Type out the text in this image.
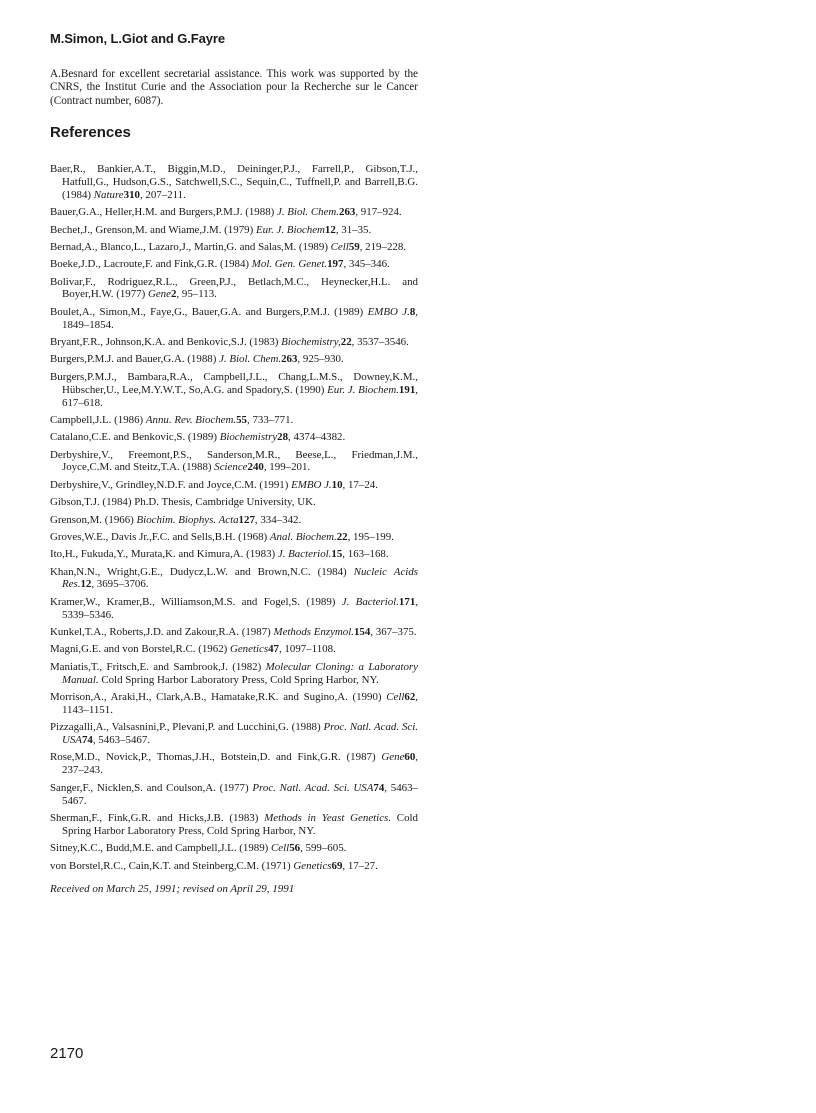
M.Simon, L.Giot and G.Fayre
A.Besnard for excellent secretarial assistance. This work was supported by the CNRS, the Institut Curie and the Association pour la Recherche sur le Cancer (Contract number, 6087).
References
Baer,R., Bankier,A.T., Biggin,M.D., Deininger,P.J., Farrell,P., Gibson,T.J., Hatfull,G., Hudson,G.S., Satchwell,S.C., Sequin,C., Tuffnell,P. and Barrell,B.G. (1984) Nature310, 207–211.
Bauer,G.A., Heller,H.M. and Burgers,P.M.J. (1988) J. Biol. Chem.263, 917–924.
Bechet,J., Grenson,M. and Wiame,J.M. (1979) Eur. J. Biochem12, 31–35.
Bernad,A., Blanco,L., Lazaro,J., Martin,G. and Salas,M. (1989) Cell59, 219–228.
Boeke,J.D., Lacroute,F. and Fink,G.R. (1984) Mol. Gen. Genet.197, 345–346.
Bolivar,F., Rodriguez,R.L., Green,P.J., Betlach,M.C., Heynecker,H.L. and Boyer,H.W. (1977) Gene2, 95–113.
Boulet,A., Simon,M., Faye,G., Bauer,G.A. and Burgers,P.M.J. (1989) EMBO J.8, 1849–1854.
Bryant,F.R., Johnson,K.A. and Benkovic,S.J. (1983) Biochemistry,22, 3537–3546.
Burgers,P.M.J. and Bauer,G.A. (1988) J. Biol. Chem.263, 925–930.
Burgers,P.M.J., Bambara,R.A., Campbell,J.L., Chang,L.M.S., Downey,K.M., Hübscher,U., Lee,M.Y.W.T., So,A.G. and Spadory,S. (1990) Eur. J. Biochem.191, 617–618.
Campbell,J.L. (1986) Annu. Rev. Biochem.55, 733–771.
Catalano,C.E. and Benkovic,S. (1989) Biochemistry28, 4374–4382.
Derbyshire,V., Freemont,P.S., Sanderson,M.R., Beese,L., Friedman,J.M., Joyce,C.M. and Steitz,T.A. (1988) Science240, 199–201.
Derbyshire,V., Grindley,N.D.F. and Joyce,C.M. (1991) EMBO J.10, 17–24.
Gibson,T.J. (1984) Ph.D. Thesis, Cambridge University, UK.
Grenson,M. (1966) Biochim. Biophys. Acta127, 334–342.
Groves,W.E., Davis Jr.,F.C. and Sells,B.H. (1968) Anal. Biochem.22, 195–199.
Ito,H., Fukuda,Y., Murata,K. and Kimura,A. (1983) J. Bacteriol.15, 163–168.
Khan,N.N., Wright,G.E., Dudycz,L.W. and Brown,N.C. (1984) Nucleic Acids Res.12, 3695–3706.
Kramer,W., Kramer,B., Williamson,M.S. and Fogel,S. (1989) J. Bacteriol.171, 5339–5346.
Kunkel,T.A., Roberts,J.D. and Zakour,R.A. (1987) Methods Enzymol.154, 367–375.
Magni,G.E. and von Borstel,R.C. (1962) Genetics47, 1097–1108.
Maniatis,T., Fritsch,E. and Sambrook,J. (1982) Molecular Cloning: a Laboratory Manual. Cold Spring Harbor Laboratory Press, Cold Spring Harbor, NY.
Morrison,A., Araki,H., Clark,A.B., Hamatake,R.K. and Sugino,A. (1990) Cell62, 1143–1151.
Pizzagalli,A., Valsasnini,P., Plevani,P. and Lucchini,G. (1988) Proc. Natl. Acad. Sci. USA74, 5463–5467.
Rose,M.D., Novick,P., Thomas,J.H., Botstein,D. and Fink,G.R. (1987) Gene60, 237–243.
Sanger,F., Nicklen,S. and Coulson,A. (1977) Proc. Natl. Acad. Sci. USA74, 5463–5467.
Sherman,F., Fink,G.R. and Hicks,J.B. (1983) Methods in Yeast Genetics. Cold Spring Harbor Laboratory Press, Cold Spring Harbor, NY.
Sitney,K.C., Budd,M.E. and Campbell,J.L. (1989) Cell56, 599–605.
von Borstel,R.C., Cain,K.T. and Steinberg,C.M. (1971) Genetics69, 17–27.
Received on March 25, 1991; revised on April 29, 1991
2170
